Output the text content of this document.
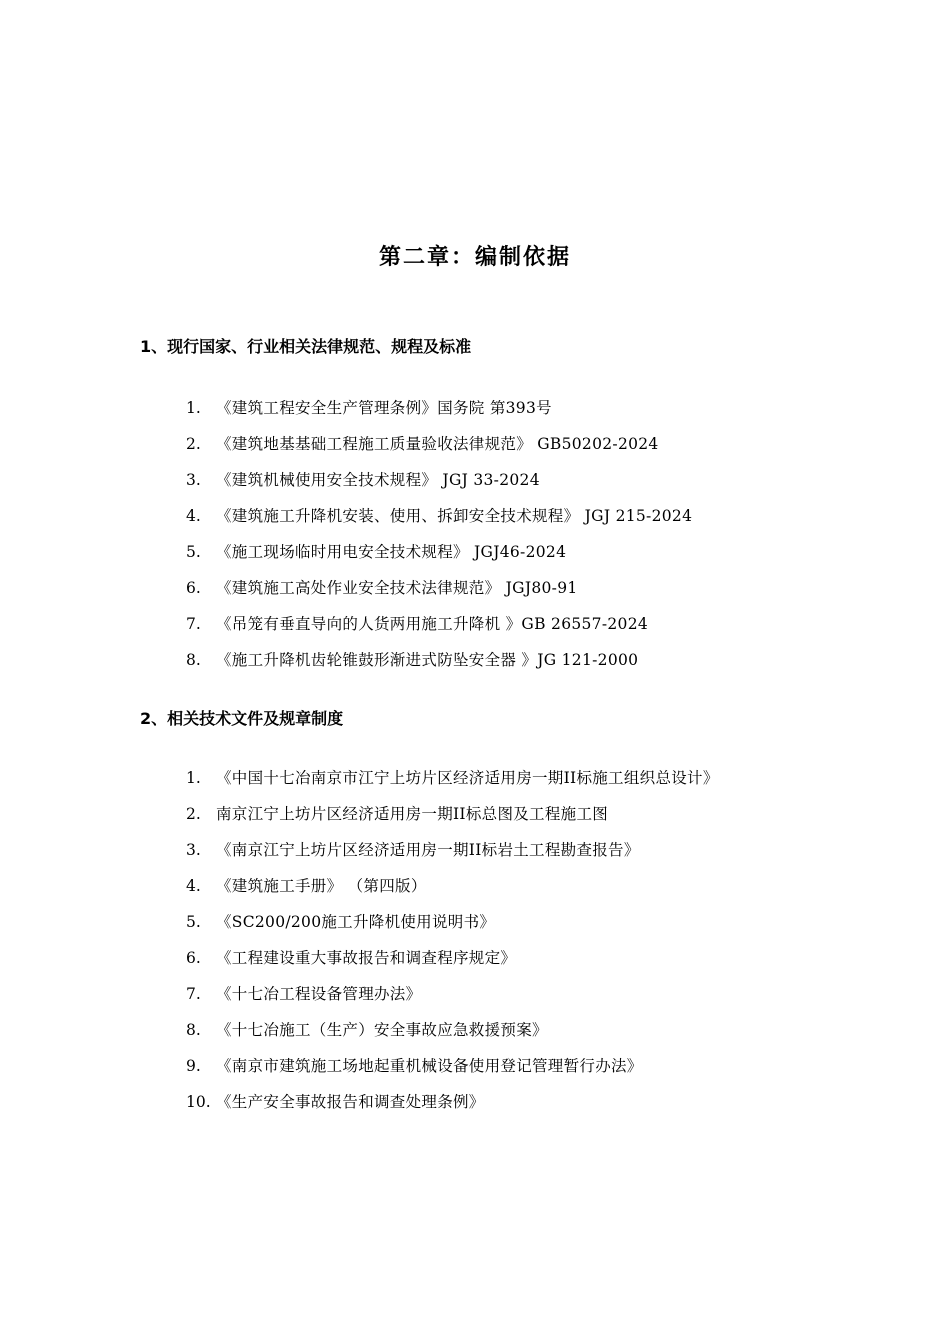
第二章：编制依据
1、现行国家、行业相关法律规范、规程及标准
1. 《建筑工程安全生产管理条例》国务院 第393号
2. 《建筑地基基础工程施工质量验收法律规范》 GB50202-2024
3. 《建筑机械使用安全技术规程》 JGJ 33-2024
4. 《建筑施工升降机安装、使用、拆卸安全技术规程》 JGJ 215-2024
5. 《施工现场临时用电安全技术规程》 JGJ46-2024
6. 《建筑施工高处作业安全技术法律规范》 JGJ80-91
7. 《吊笼有垂直导向的人货两用施工升降机 》GB 26557-2024
8. 《施工升降机齿轮锥鼓形渐进式防坠安全器 》JG 121-2000
2、相关技术文件及规章制度
1. 《中国十七冶南京市江宁上坊片区经济适用房一期II标施工组织总设计》
2. 南京江宁上坊片区经济适用房一期II标总图及工程施工图
3. 《南京江宁上坊片区经济适用房一期II标岩土工程勘查报告》
4. 《建筑施工手册》 （第四版）
5. 《SC200/200施工升降机使用说明书》
6. 《工程建设重大事故报告和调查程序规定》
7. 《十七冶工程设备管理办法》
8. 《十七冶施工（生产）安全事故应急救援预案》
9. 《南京市建筑施工场地起重机械设备使用登记管理暂行办法》
10. 《生产安全事故报告和调查处理条例》
